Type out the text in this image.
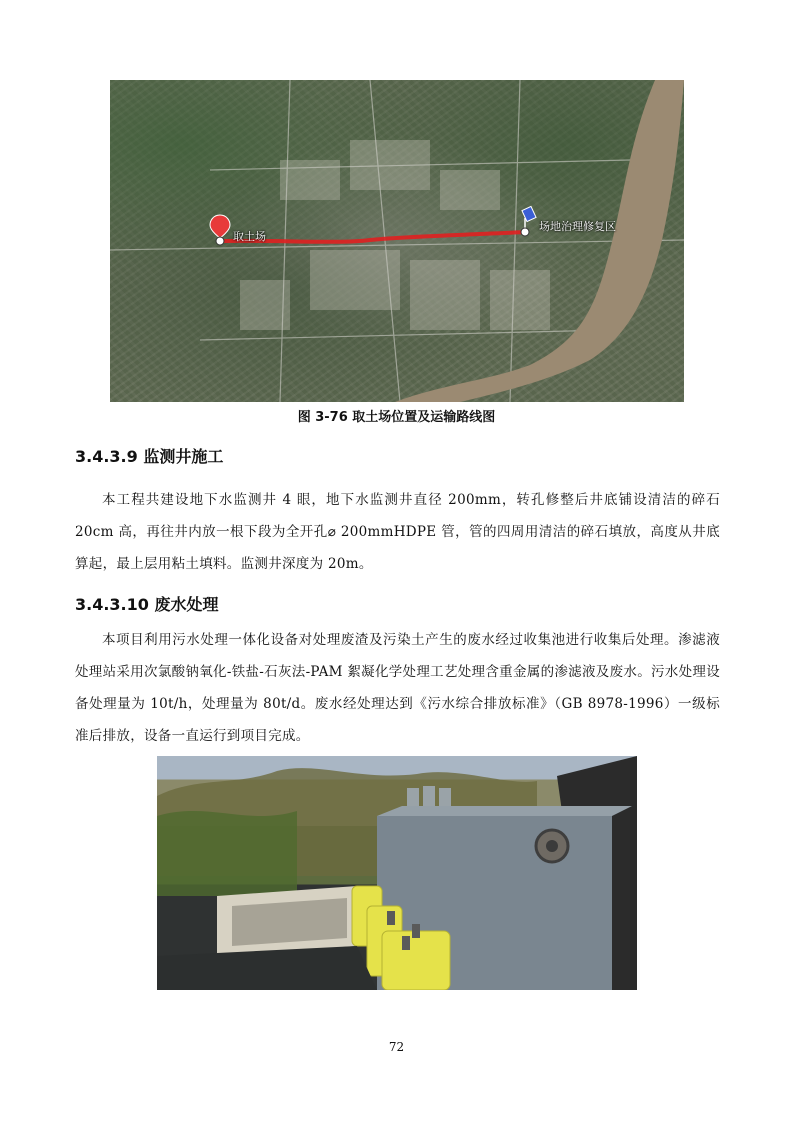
取土场
场地治理修复区
图 3-76 取土场位置及运输路线图
3.4.3.9 监测井施工
本工程共建设地下水监测井 4 眼，地下水监测井直径 200mm，转孔修整后井底铺设清洁的碎石 20cm 高，再往井内放一根下段为全开孔⌀ 200mmHDPE 管，管的四周用清洁的碎石填放，高度从井底算起，最上层用粘土填料。监测井深度为 20m。
3.4.3.10 废水处理
本项目利用污水处理一体化设备对处理废渣及污染土产生的废水经过收集池进行收集后处理。渗滤液处理站采用次氯酸钠氧化-铁盐-石灰法-PAM 絮凝化学处理工艺处理含重金属的渗滤液及废水。污水处理设备处理量为 10t/h，处理量为 80t/d。废水经处理达到《污水综合排放标准》（GB 8978-1996）一级标准后排放，设备一直运行到项目完成。
72
